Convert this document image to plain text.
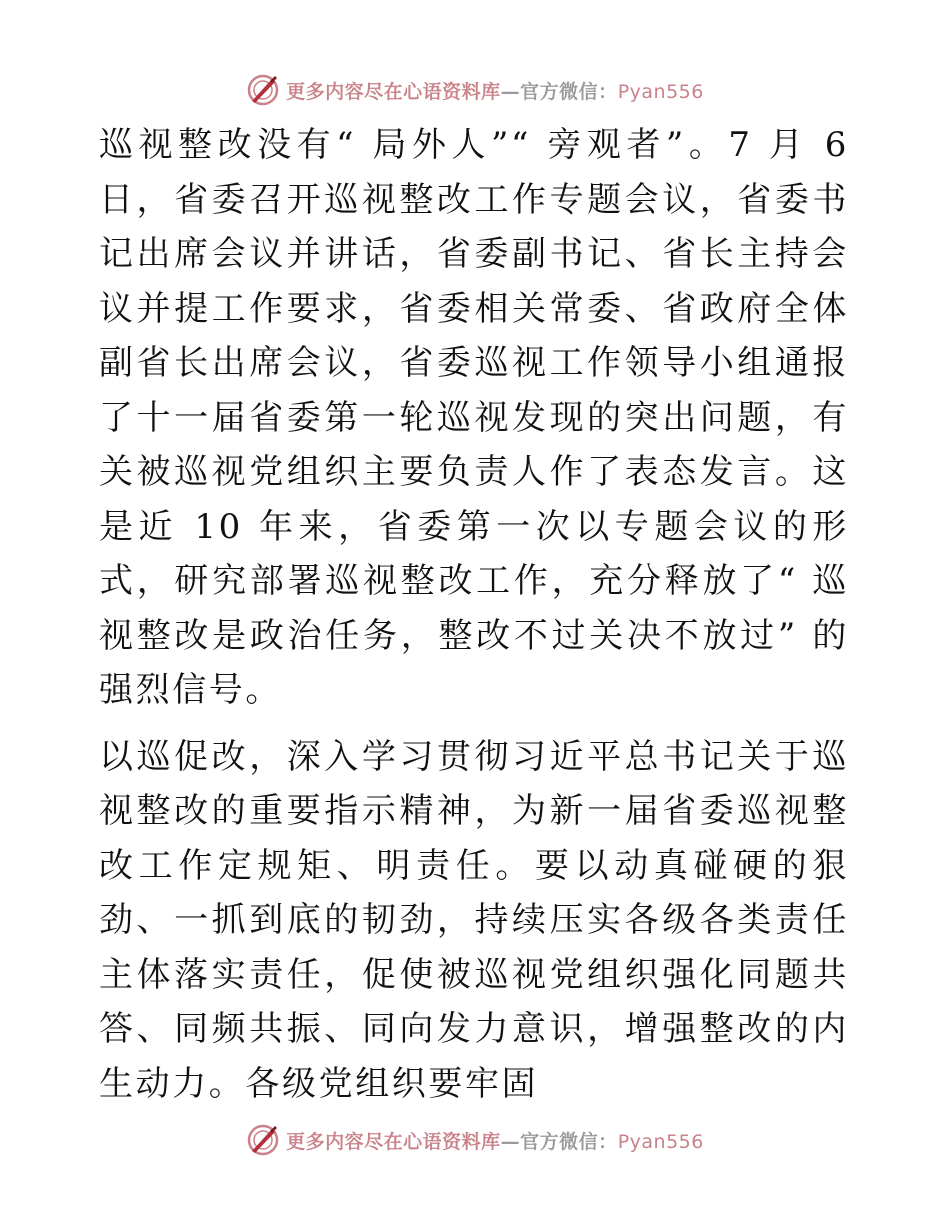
更多内容尽在心语资料库—官方微信：Pyan556

巡视整改没有“ 局外人”“ 旁观者”。7 月 6 日，省委召开巡视整改工作专题会议，省委书记出席会议并讲话，省委副书记、省长主持会议并提工作要求，省委相关常委、省政府全体副省长出席会议，省委巡视工作领导小组通报了十一届省委第一轮巡视发现的突出问题，有关被巡视党组织主要负责人作了表态发言。这是近 10 年来，省委第一次以专题会议的形式，研究部署巡视整改工作，充分释放了“ 巡视整改是政治任务，整改不过关决不放过” 的强烈信号。

以巡促改，深入学习贯彻习近平总书记关于巡视整改的重要指示精神，为新一届省委巡视整改工作定规矩、明责任。要以动真碰硬的狠劲、一抓到底的韧劲，持续压实各级各类责任主体落实责任，促使被巡视党组织强化同题共答、同频共振、同向发力意识，增强整改的内生动力。各级党组织要牢固

更多内容尽在心语资料库—官方微信：Pyan556
